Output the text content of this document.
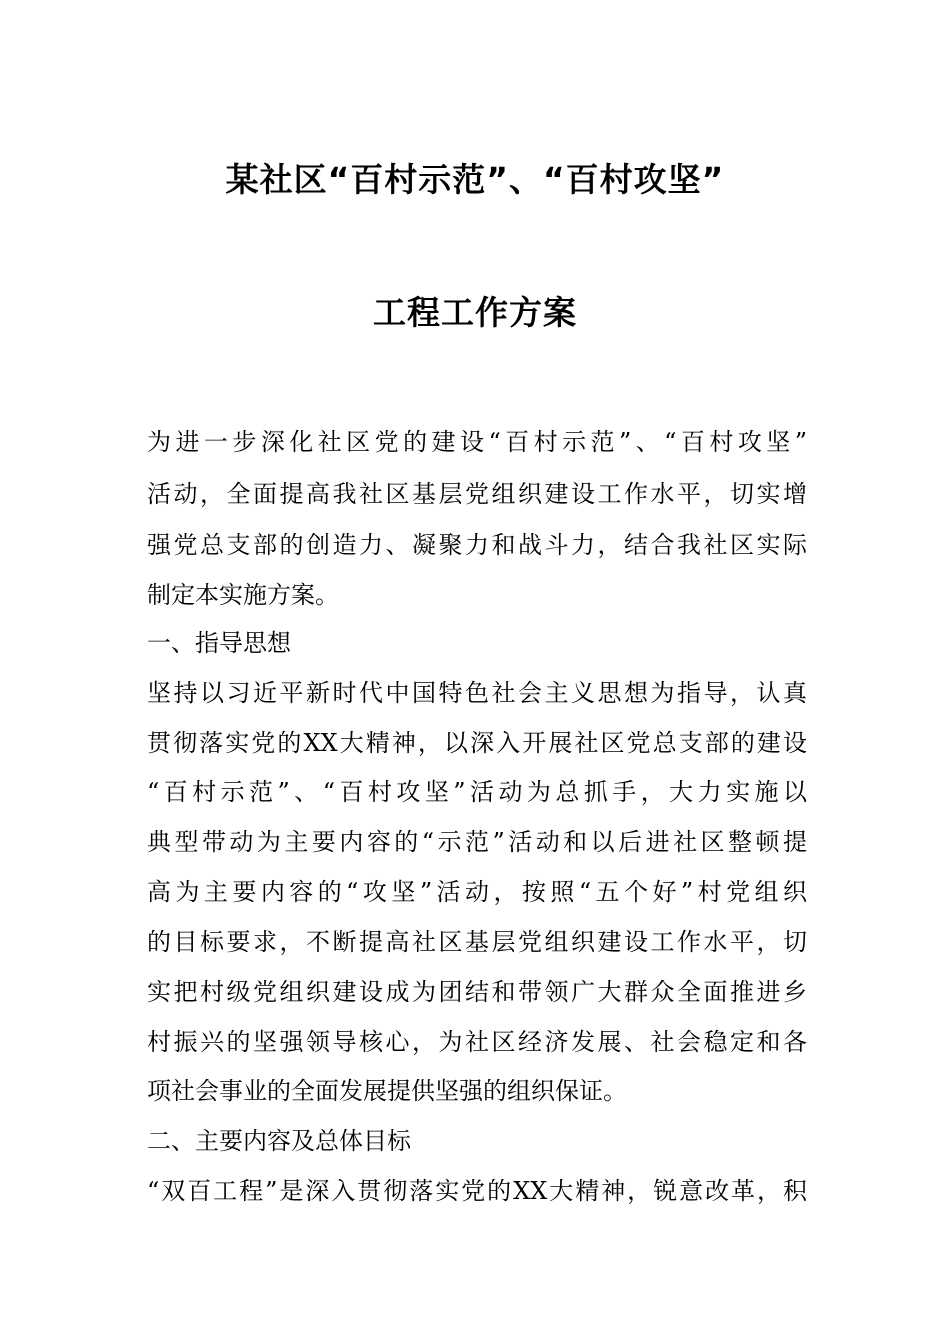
某社区“百村示范”、“百村攻坚”
工程工作方案
为进一步深化社区党的建设“百村示范”、“百村攻坚”
活动，全面提高我社区基层党组织建设工作水平，切实增
强党总支部的创造力、凝聚力和战斗力，结合我社区实际
制定本实施方案。
一、指导思想
坚持以习近平新时代中国特色社会主义思想为指导，认真
贯彻落实党的XX大精神，以深入开展社区党总支部的建设
“百村示范”、“百村攻坚”活动为总抓手，大力实施以
典型带动为主要内容的“示范”活动和以后进社区整顿提
高为主要内容的“攻坚”活动，按照“五个好”村党组织
的目标要求，不断提高社区基层党组织建设工作水平，切
实把村级党组织建设成为团结和带领广大群众全面推进乡
村振兴的坚强领导核心，为社区经济发展、社会稳定和各
项社会事业的全面发展提供坚强的组织保证。
二、主要内容及总体目标
“双百工程”是深入贯彻落实党的XX大精神，锐意改革，积
